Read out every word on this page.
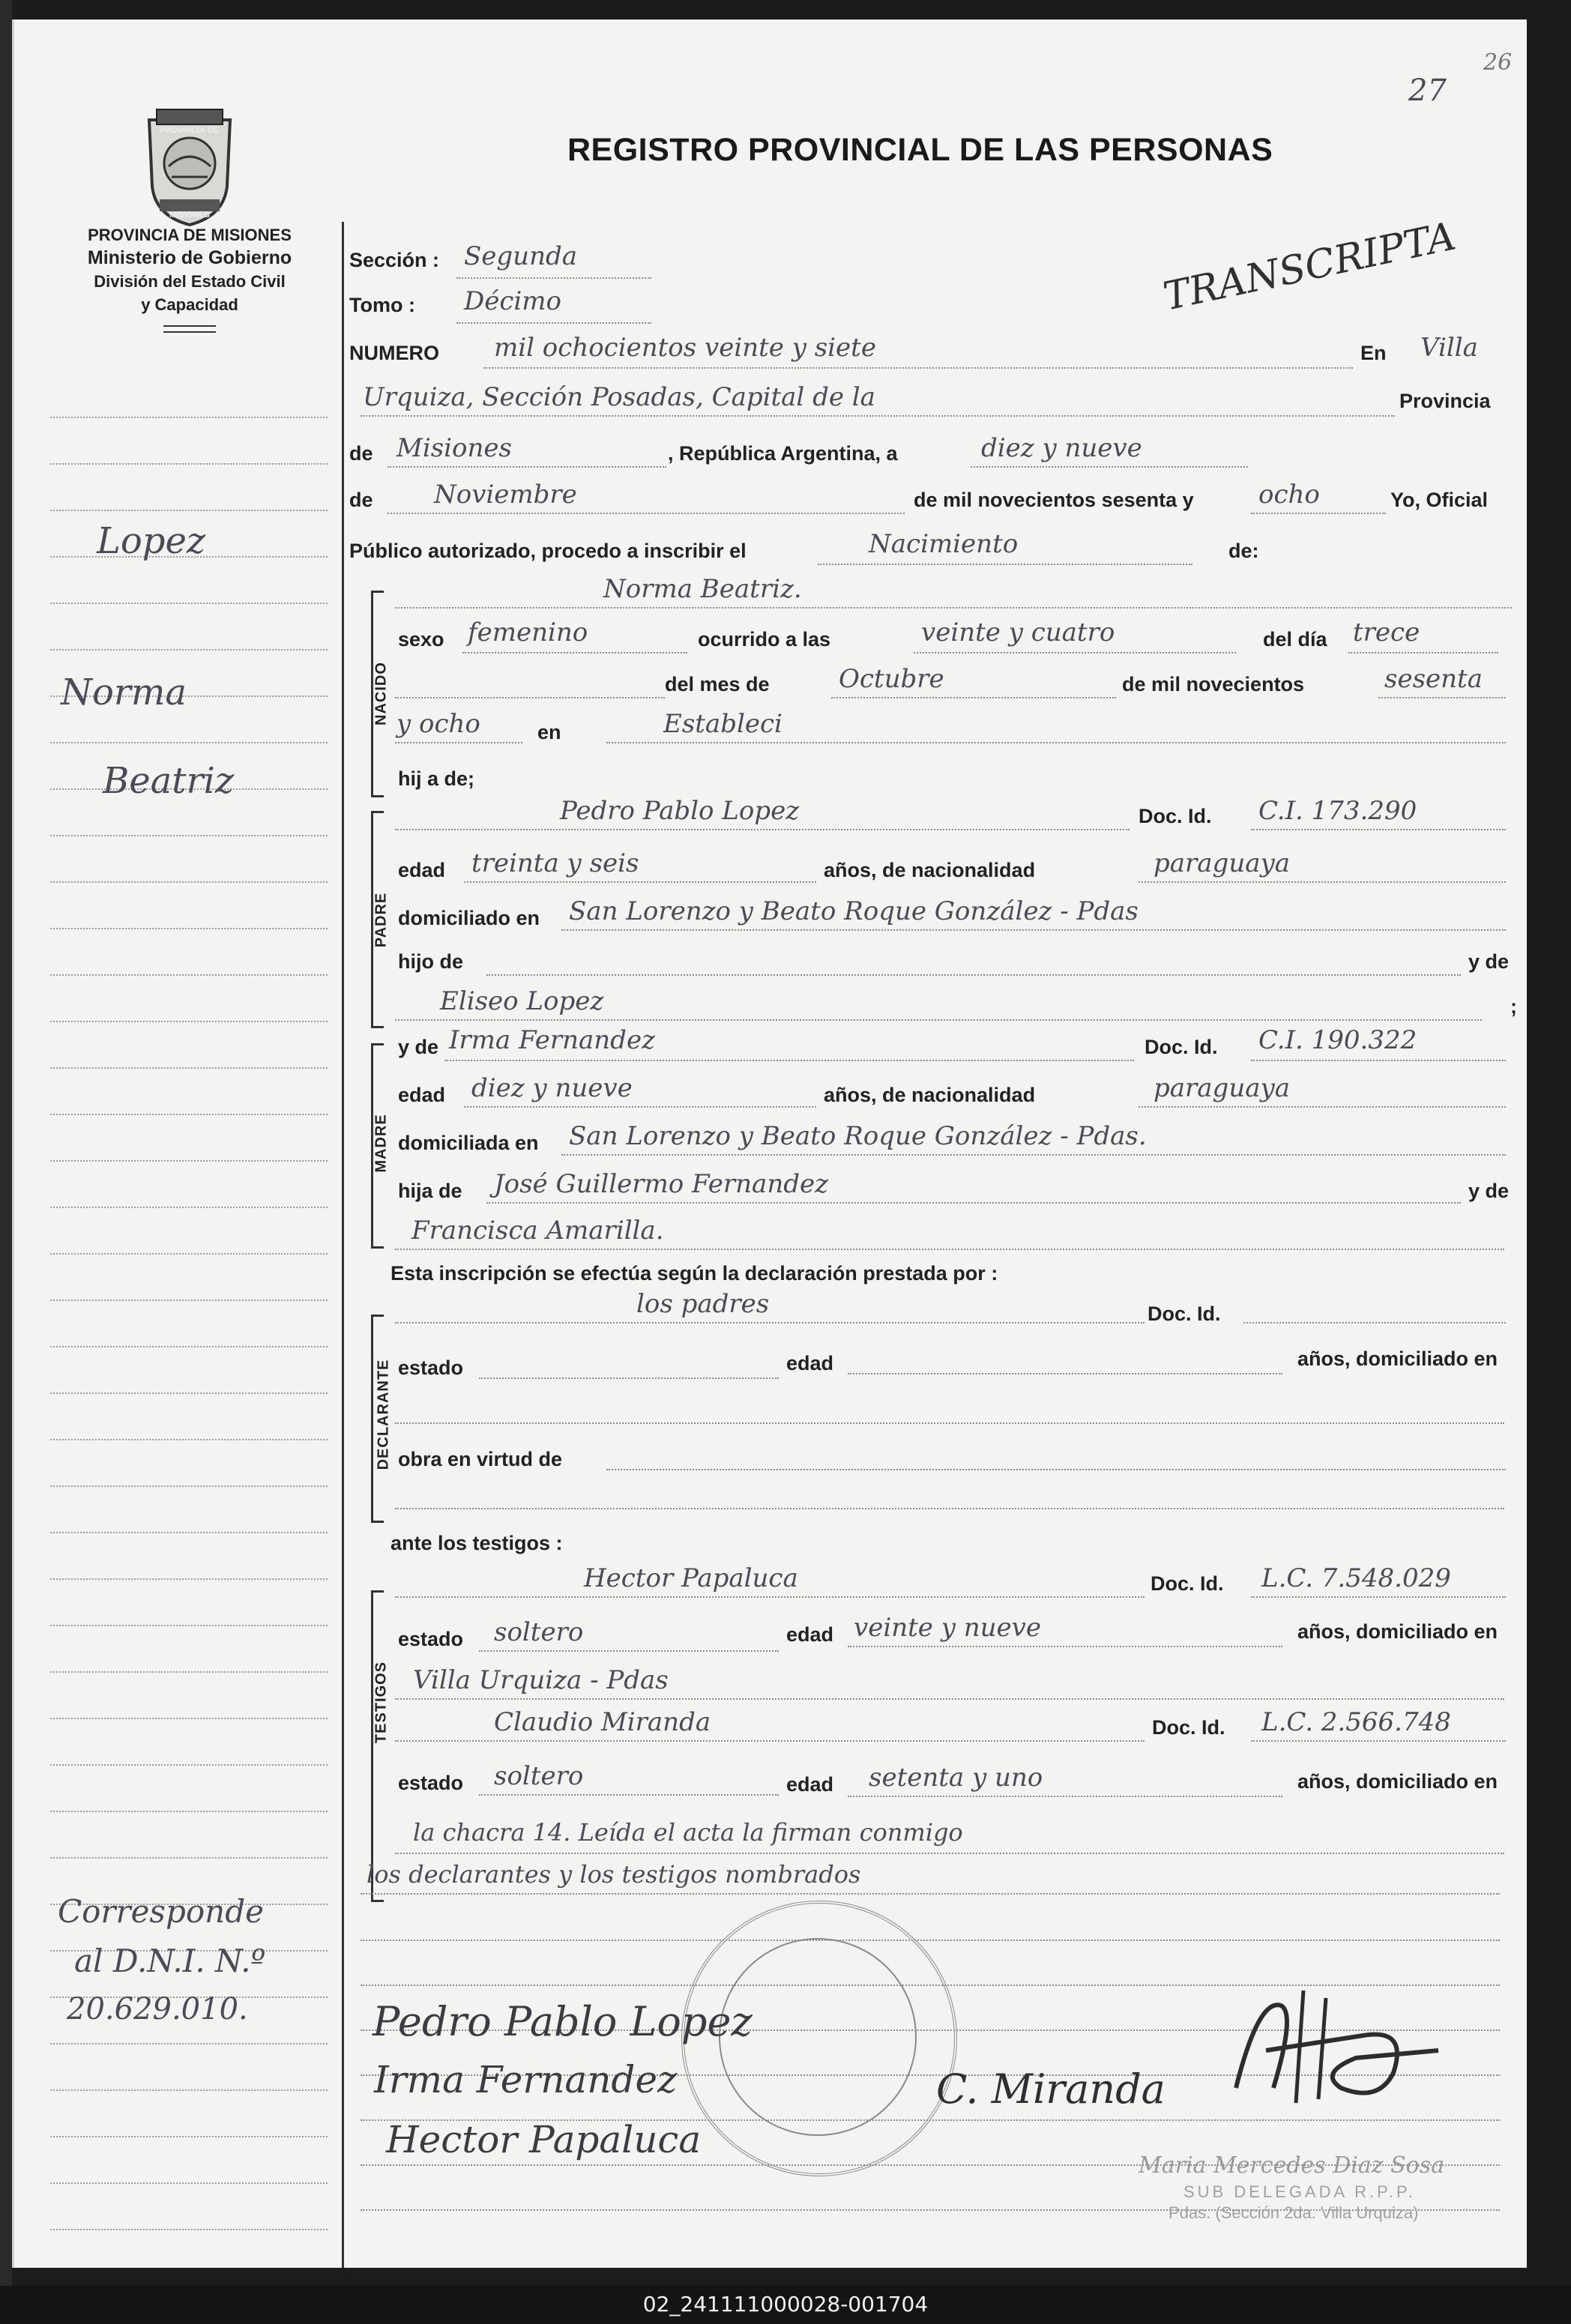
PROVINCIA DE
MISIONES
PROVINCIA DE MISIONES
Ministerio de Gobierno
División del Estado Civil
y Capacidad
REGISTRO PROVINCIAL DE LAS PERSONAS
27
26
Lopez
Norma
Beatriz
Corresponde
al D.N.I. N.º
20.629.010.
Sección : Segunda
Tomo : Décimo	TRANSCRIPTA
NUMERO mil ochocientos veinte y siete	En Villa
Urquiza, Sección Posadas, Capital de la	Provincia
de Misiones	, República Argentina, a	diez y nueve
de Noviembre	de mil novecientos sesenta y	ocho	Yo, Oficial
Público autorizado, procedo a inscribir el	Nacimiento	de:
NACIDO
Norma Beatriz.
sexo femenino	ocurrido a las	veinte y cuatro	del día trece
del mes de	Octubre	de mil novecientos	sesenta
y ocho	en	Estableci
hij a de;
PADRE
Pedro Pablo Lopez	Doc. Id. C.I. 173.290
edad treinta y seis	años, de nacionalidad	paraguaya
domiciliado en San Lorenzo y Beato Roque González - Pdas
hijo de	y de
Eliseo Lopez	;
y de Irma Fernandez	Doc. Id. C.I. 190.322
MADRE
edad diez y nueve	años, de nacionalidad	paraguaya
domiciliada en San Lorenzo y Beato Roque González - Pdas.
hija de José Guillermo Fernandez	y de
Francisca Amarilla.
Esta inscripción se efectúa según la declaración prestada por :
DECLARANTE
los padres	Doc. Id.
estado	edad	años, domiciliado en
obra en virtud de
ante los testigos :
TESTIGOS
Hector Papaluca	Doc. Id. L.C. 7.548.029
estado soltero	edad veinte y nueve	años, domiciliado en
Villa Urquiza - Pdas
Claudio Miranda	Doc. Id. L.C. 2.566.748
estado soltero	edad setenta y uno	años, domiciliado en
la chacra 14. Leída el acta la firman conmigo
los declarantes y los testigos nombrados
Pedro Pablo Lopez
Irma Fernandez
Hector Papaluca
C. Miranda
Maria Mercedes Diaz Sosa
SUB DELEGADA R.P.P.
Pdas. (Sección 2da. Villa Urquiza)
02_241111000028-001704
